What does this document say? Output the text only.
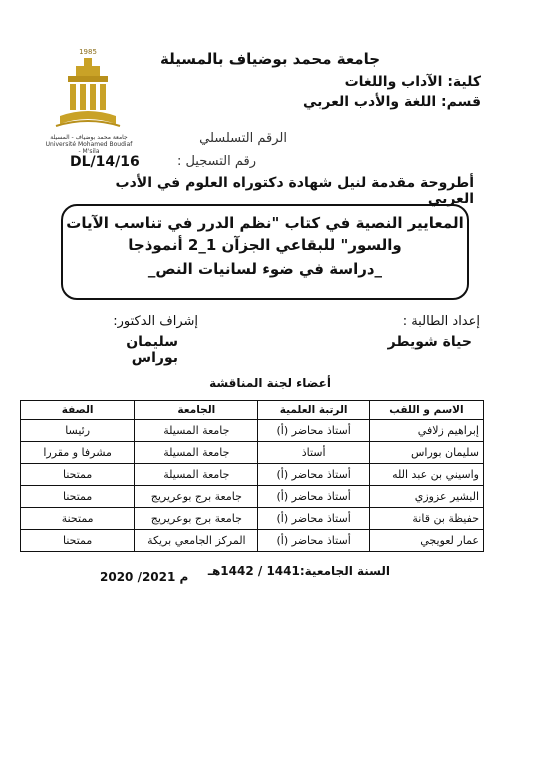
1985
جامعة محمد بوضياف - المسيلة
Université Mohamed Boudiaf - M'sila
جامعة محمد بوضياف بالمسيلة
كلية: الآداب واللغات
قسم: اللغة والأدب العربي
الرقم التسلسلي
رقم التسجيل :
DL/14/16
أطروحة مقدمة لنيل شهادة دكتوراه العلوم في الأدب العربي
المعايير النصية في كتاب "نظم الدرر في تناسب الآيات
والسور" للبقاعي الجزآن 1_2 أنموذجا
_دراسة في ضوء لسانيات النص_
إعداد الطالبة :
حياة شويطر
إشراف الدكتور:
سليمان بوراس
أعضاء لجنة المناقشة
الاسم و اللقب	الرتبة العلمية	الجامعة	الصفة
إبراهيم زلافي	أستاذ محاضر (أ)	جامعة المسيلة	رئيسا
سليمان بوراس	أستاذ	جامعة المسيلة	مشرفا و مقررا
واسيني بن عبد الله	أستاذ محاضر (أ)	جامعة المسيلة	ممتحنا
البشير عزوزي	أستاذ محاضر (أ)	جامعة برج بوعريريج	ممتحنا
حفيظة بن قانة	أستاذ محاضر (أ)	جامعة برج بوعريريج	ممتحنة
عمار لعويجي	أستاذ محاضر (أ)	المركز الجامعي بريكة	ممتحنا
السنة الجامعية:1441 / 1442هـ
2020 /2021 م
